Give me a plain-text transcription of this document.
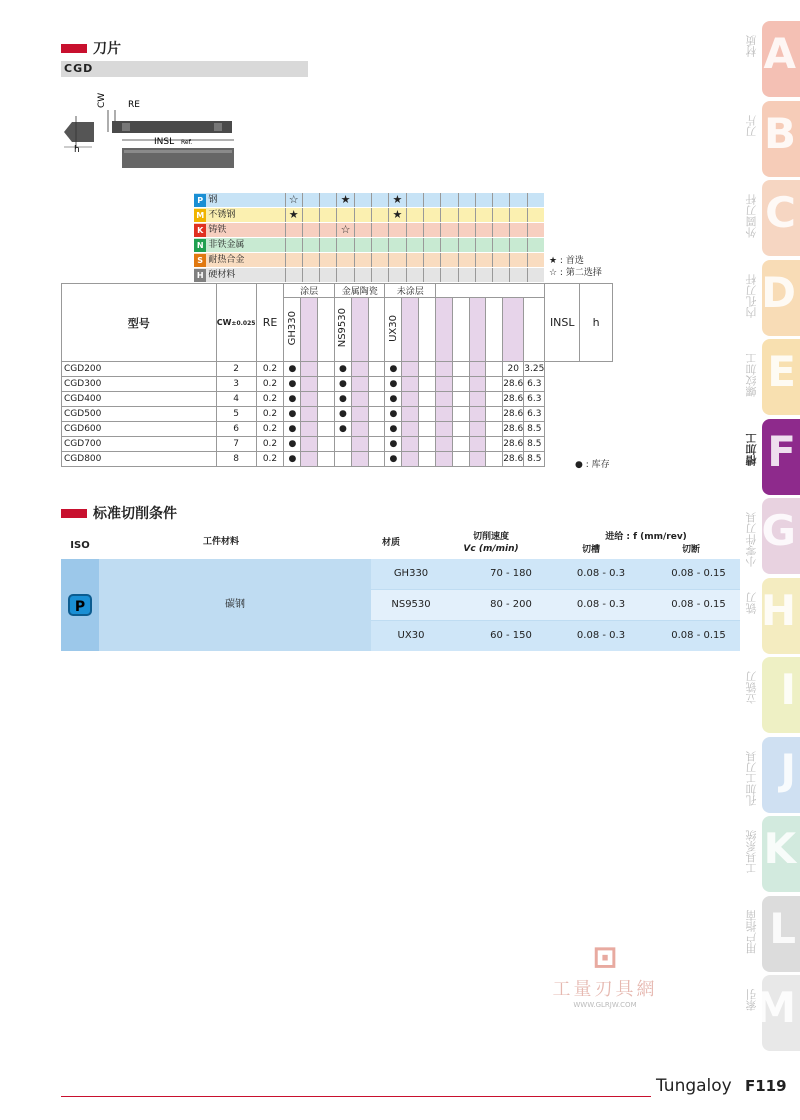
刀片
CGD
CW RE
h
INSL Ref.
P 钢	☆	★	★
M 不锈钢	★	★
K 铸铁	☆
N 非铁金属
S 耐热合金
H 硬材料
★ : 首选
☆ : 第二选择
型号	CW±0.025	RE	涂层			金属陶瓷			未涂层									INSL	h
			GH330			NS9530			UX30										
CGD200	2	0.2	●			●			●							20	3.25		
CGD300	3	0.2	●			●			●							28.6	6.3		
CGD400	4	0.2	●			●			●							28.6	6.3		
CGD500	5	0.2	●			●			●							28.6	6.3		
CGD600	6	0.2	●			●			●							28.6	8.5		
CGD700	7	0.2	●						●							28.6	8.5		
CGD800	8	0.2	●						●							28.6	8.5		
● : 库存
标准切削条件
ISO	工件材料	材质
切削速度
Vc (m/min)
进给 : f (mm/rev)
切槽	切断
P	碳钢
GH330	70 - 180	0.08 - 0.3	0.08 - 0.15
NS9530	80 - 200	0.08 - 0.3	0.08 - 0.15
UX30	60 - 150	0.08 - 0.3	0.08 - 0.15
A
材质
B
刀片
C
外圆刀杆
D
内孔刀杆
E
螺纹加工
F
槽加工
G
小零件刀具
H
铣刀
I
立铣刀
J
孔加工刀具
K
工具系统
L
用户指南
M
索引
⊡
工量刃具網
WWW.GLRJW.COM
Tungaloy F119
